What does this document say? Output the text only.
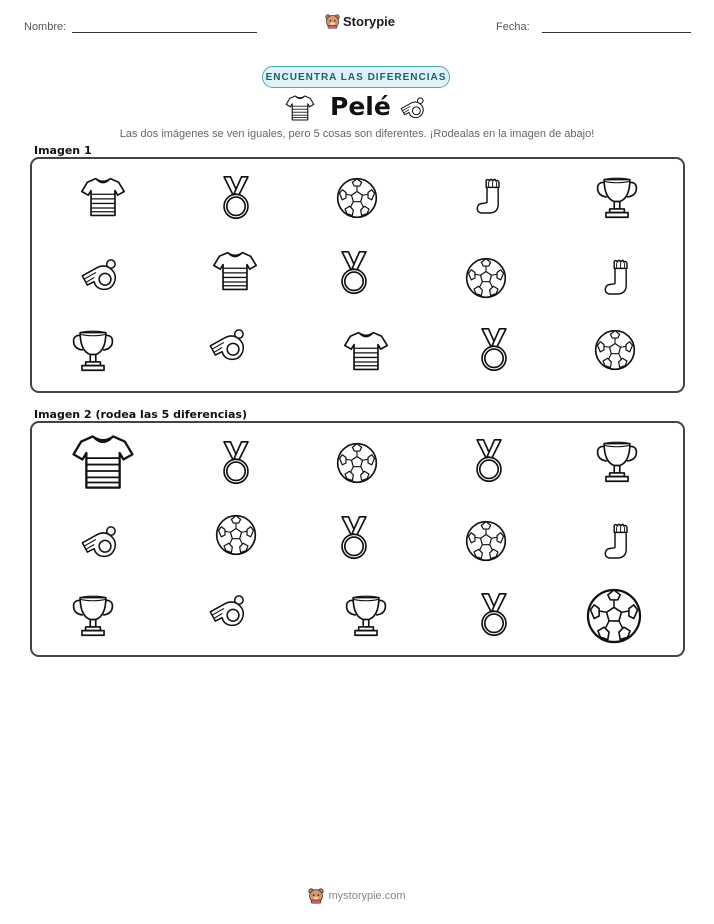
Nombre:	Storypie	Fecha:
ENCUENTRA LAS DIFERENCIAS
Pelé
Las dos imágenes se ven iguales, pero 5 cosas son diferentes. ¡Rodealas en la imagen de abajo!
Imagen 1
Imagen 2 (rodea las 5 diferencias)
mystorypie.com
